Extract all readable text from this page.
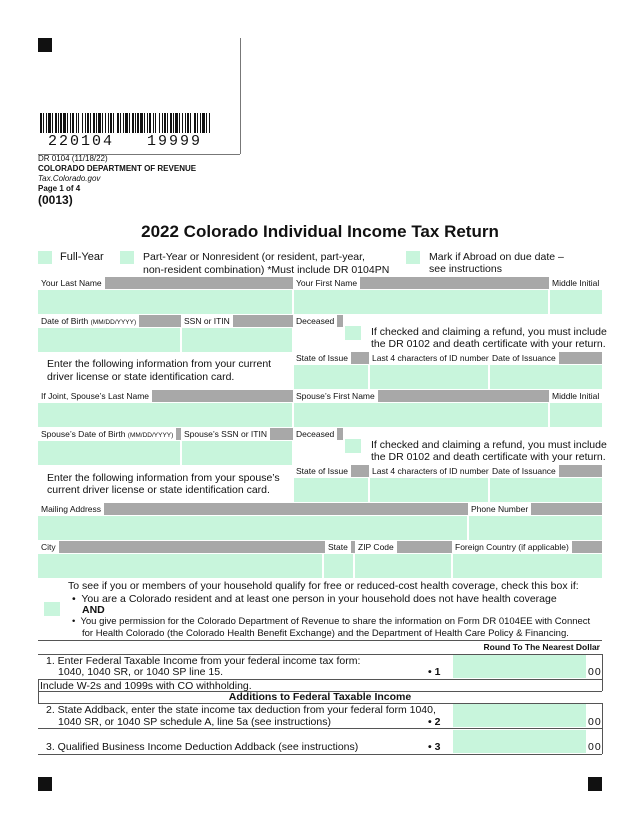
220104   19999
DR 0104 (11/18/22)
COLORADO DEPARTMENT OF REVENUE
Tax.Colorado.gov
Page 1 of 4
(0013)
2022 Colorado Individual Income Tax Return
Full-Year	Part-Year or Nonresident (or resident, part-year,
non-resident combination) *Must include DR 0104PN
Mark if Abroad on due date –
see instructions
Your Last Name	Your First Name	Middle Initial
Date of Birth (MM/DD/YYYY)	SSN or ITIN	Deceased
If checked and claiming a refund, you must include
the DR 0102 and death certificate with your return.
State of Issue	Last 4 characters of ID number Date of Issuance
Enter the following information from your current
driver license or state identification card.
If Joint, Spouse’s Last Name	Spouse’s First Name	Middle Initial
Spouse’s Date of Birth (MM/DD/YYYY)	Spouse’s SSN or ITIN	Deceased
If checked and claiming a refund, you must include
the DR 0102 and death certificate with your return.
State of Issue	Last 4 characters of ID number Date of Issuance
Enter the following information from your spouse’s
current driver license or state identification card.
Mailing Address	Phone Number
City	State	ZIP Code	Foreign Country (if applicable)
To see if you or members of your household qualify for free or reduced-cost health coverage, check this box if:
•  You are a Colorado resident and at least one person in your household does not have health coverage
AND
•  You give permission for the Colorado Department of Revenue to share the information on Form DR 0104EE with Connect
for Health Colorado (the Colorado Health Benefit Exchange) and the Department of Health Care Policy & Financing.
Round To The Nearest Dollar
1. Enter Federal Taxable Income from your federal income tax form:
1040, 1040 SR, or 1040 SP line 15.	• 1	00
Include W-2s and 1099s with CO withholding.
Additions to Federal Taxable Income
2. State Addback, enter the state income tax deduction from your federal form 1040,
1040 SR, or 1040 SP schedule A, line 5a (see instructions)	• 2	00
3. Qualified Business Income Deduction Addback (see instructions)	• 3	00
